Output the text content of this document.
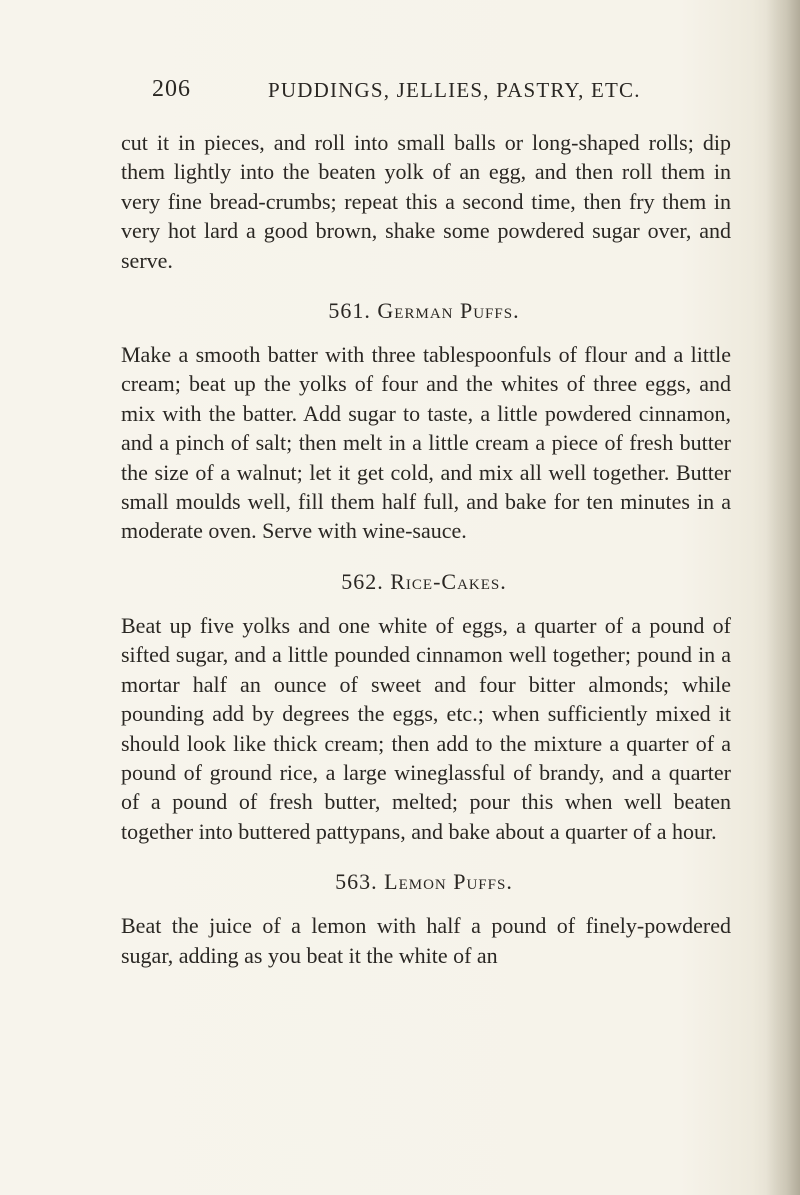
206	PUDDINGS, JELLIES, PASTRY, ETC.

cut it in pieces, and roll into small balls or long-shaped rolls; dip them lightly into the beaten yolk of an egg, and then roll them in very fine bread-crumbs; repeat this a second time, then fry them in very hot lard a good brown, shake some powdered sugar over, and serve.

561. German Puffs.

Make a smooth batter with three tablespoonfuls of flour and a little cream; beat up the yolks of four and the whites of three eggs, and mix with the batter. Add sugar to taste, a little powdered cinnamon, and a pinch of salt; then melt in a little cream a piece of fresh butter the size of a walnut; let it get cold, and mix all well together. Butter small moulds well, fill them half full, and bake for ten minutes in a moderate oven. Serve with wine-sauce.

562. Rice-Cakes.

Beat up five yolks and one white of eggs, a quarter of a pound of sifted sugar, and a little pounded cinnamon well together; pound in a mortar half an ounce of sweet and four bitter almonds; while pounding add by degrees the eggs, etc.; when sufficiently mixed it should look like thick cream; then add to the mixture a quarter of a pound of ground rice, a large wineglassful of brandy, and a quarter of a pound of fresh butter, melted; pour this when well beaten together into buttered pattypans, and bake about a quarter of a hour.

563. Lemon Puffs.

Beat the juice of a lemon with half a pound of finely-powdered sugar, adding as you beat it the white of an
